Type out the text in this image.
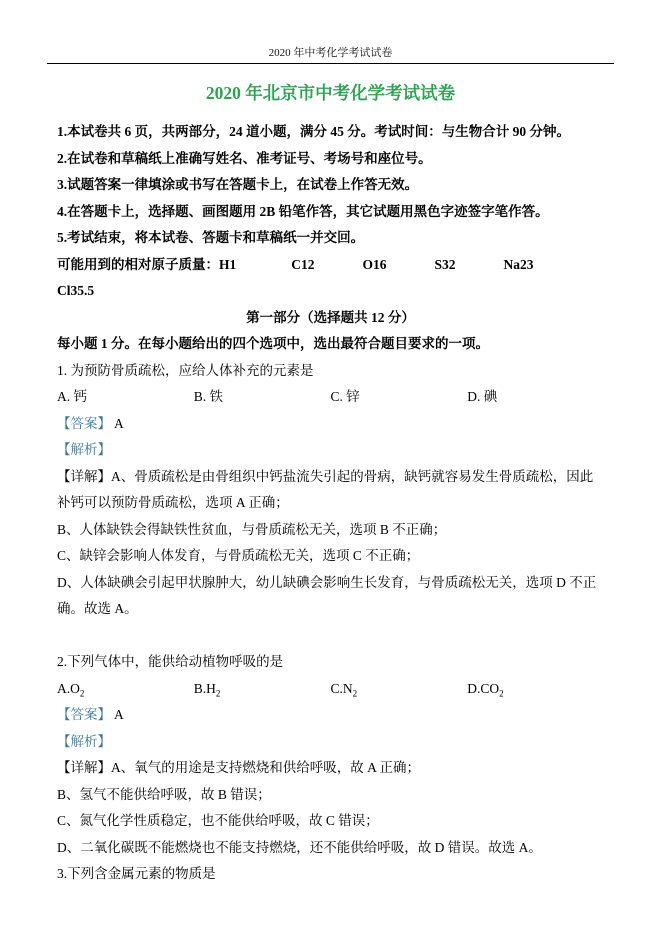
2020 年中考化学考试试卷
2020 年北京市中考化学考试试卷

1.本试卷共 6 页，共两部分，24 道小题，满分 45 分。考试时间：与生物合计 90 分钟。

2.在试卷和草稿纸上准确写姓名、准考证号、考场号和座位号。

3.试题答案一律填涂或书写在答题卡上，在试卷上作答无效。

4.在答题卡上，选择题、画图题用 2B 铅笔作答，其它试题用黑色字迹签字笔作答。

5.考试结束，将本试卷、答题卡和草稿纸一并交回。

可能用到的相对原子质量：H1	C12	O16	S32	Na23

Cl35.5

第一部分（选择题共 12 分）

每小题 1 分。在每小题给出的四个选项中，选出最符合题目要求的一项。

1. 为预防骨质疏松，应给人体补充的元素是

A. 钙	B. 铁	C. 锌	D. 碘

【答案】 A

【解析】

【详解】A、骨质疏松是由骨组织中钙盐流失引起的骨病，缺钙就容易发生骨质疏松，因此补钙可以预防骨质疏松，选项 A 正确；

B、人体缺铁会得缺铁性贫血，与骨质疏松无关，选项 B 不正确；

C、缺锌会影响人体发育，与骨质疏松无关，选项 C 不正确；

D、人体缺碘会引起甲状腺肿大，幼儿缺碘会影响生长发育，与骨质疏松无关，选项 D 不正确。故选 A。

2.下列气体中，能供给动植物呼吸的是

$A.O_2$	$B.H_2$	$C.N_2$	$D.CO_2$

【答案】 A

【解析】

【详解】A、氧气的用途是支持燃烧和供给呼吸，故 A 正确；

B、氢气不能供给呼吸，故 B 错误；

C、氮气化学性质稳定，也不能供给呼吸，故 C 错误；

D、二氧化碳既不能燃烧也不能支持燃烧，还不能供给呼吸，故 D 错误。故选 A。

3.下列含金属元素的物质是
